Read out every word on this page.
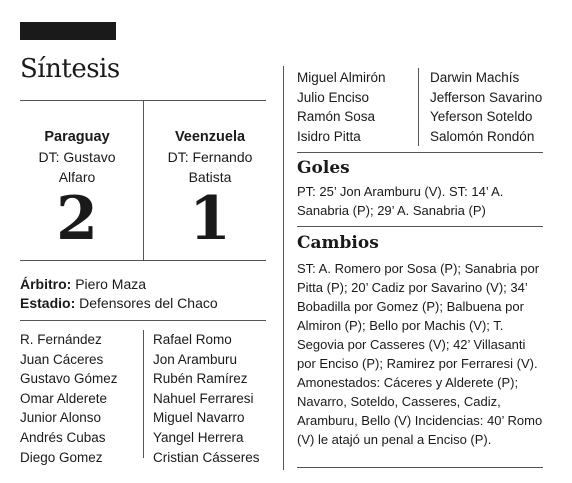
Síntesis
Paraguay
DT: Gustavo
Alfaro
2
Veenzuela
DT: Fernando
Batista
1
Árbitro: Piero Maza
Estadio: Defensores del Chaco
R. Fernández
Juan Cáceres
Gustavo Gómez
Omar Alderete
Junior Alonso
Andrés Cubas
Diego Gomez
Rafael Romo
Jon Aramburu
Rubén Ramírez
Nahuel Ferraresi
Miguel Navarro
Yangel Herrera
Cristian Cásseres
Miguel Almirón
Julio Enciso
Ramón Sosa
Isidro Pitta
Darwin Machís
Jefferson Savarino
Yeferson Soteldo
Salomón Rondón
Goles
PT: 25’ Jon Aramburu (V). ST: 14’ A. Sanabria (P); 29’ A. Sanabria (P)
Cambios
ST: A. Romero por Sosa (P); Sanabria por Pitta (P); 20’ Cadiz por Savarino (V); 34’ Bobadilla por Gomez (P); Balbuena por Almiron (P); Bello por Machis (V); T. Segovia por Casseres (V); 42’ Villasanti por Enciso (P); Ramirez por Ferraresi (V). Amonestados: Cáceres y Alderete (P); Navarro, Soteldo, Casseres, Cadiz, Aramburu, Bello (V) Incidencias: 40’ Romo (V) le atajó un penal a Enciso (P).
